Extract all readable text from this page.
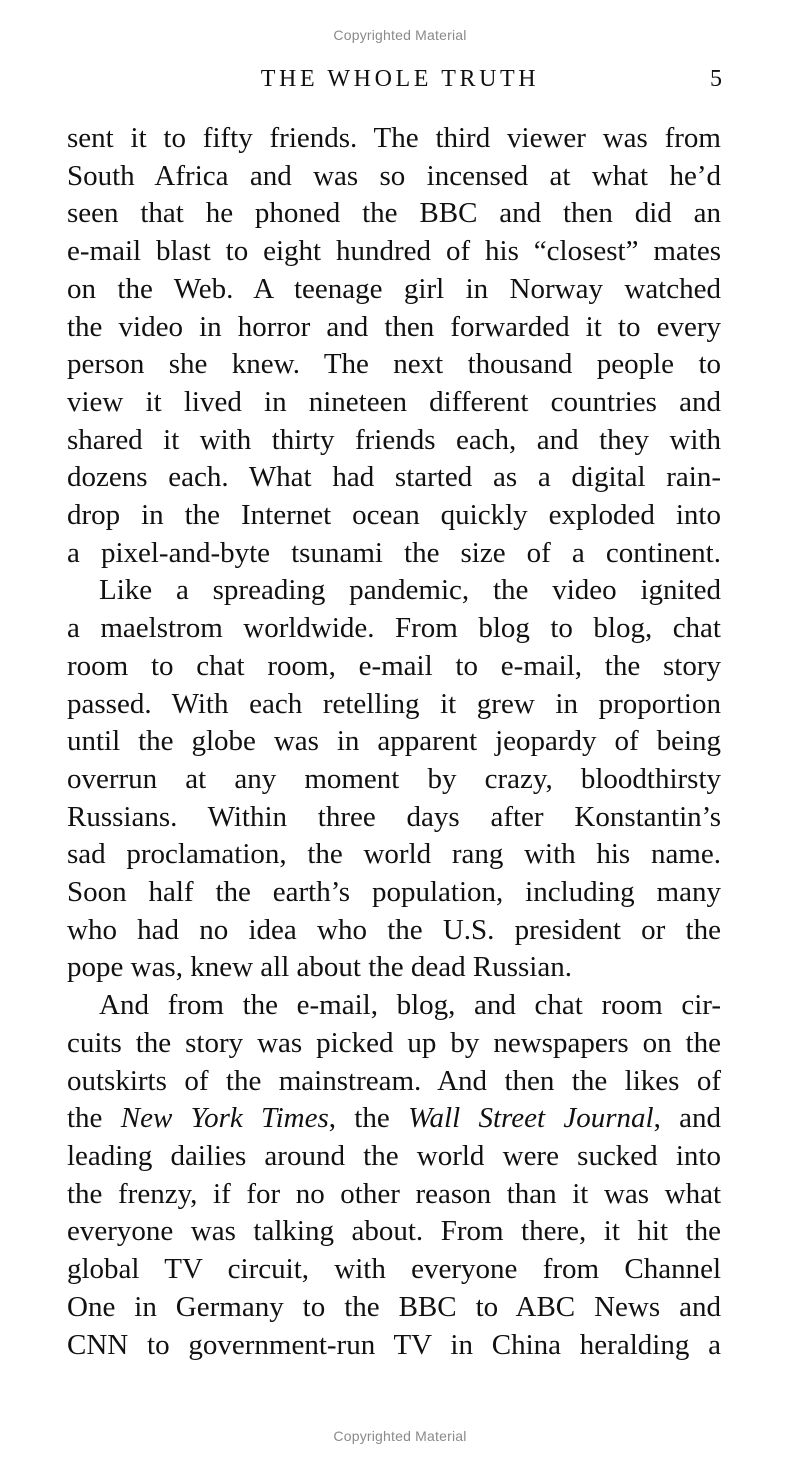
Copyrighted Material
THE WHOLE TRUTH	5
sent it to fifty friends. The third viewer was from
South Africa and was so incensed at what he’d
seen that he phoned the BBC and then did an
e-mail blast to eight hundred of his “closest” mates
on the Web. A teenage girl in Norway watched
the video in horror and then forwarded it to every
person she knew. The next thousand people to
view it lived in nineteen different countries and
shared it with thirty friends each, and they with
dozens each. What had started as a digital rain-
drop in the Internet ocean quickly exploded into
a pixel-and-byte tsunami the size of a continent.
Like a spreading pandemic, the video ignited
a maelstrom worldwide. From blog to blog, chat
room to chat room, e-mail to e-mail, the story
passed. With each retelling it grew in proportion
until the globe was in apparent jeopardy of being
overrun at any moment by crazy, bloodthirsty
Russians. Within three days after Konstantin’s
sad proclamation, the world rang with his name.
Soon half the earth’s population, including many
who had no idea who the U.S. president or the
pope was, knew all about the dead Russian.
And from the e-mail, blog, and chat room cir-
cuits the story was picked up by newspapers on the
outskirts of the mainstream. And then the likes of
the New York Times, the Wall Street Journal, and
leading dailies around the world were sucked into
the frenzy, if for no other reason than it was what
everyone was talking about. From there, it hit the
global TV circuit, with everyone from Channel
One in Germany to the BBC to ABC News and
CNN to government-run TV in China heralding a
Copyrighted Material
